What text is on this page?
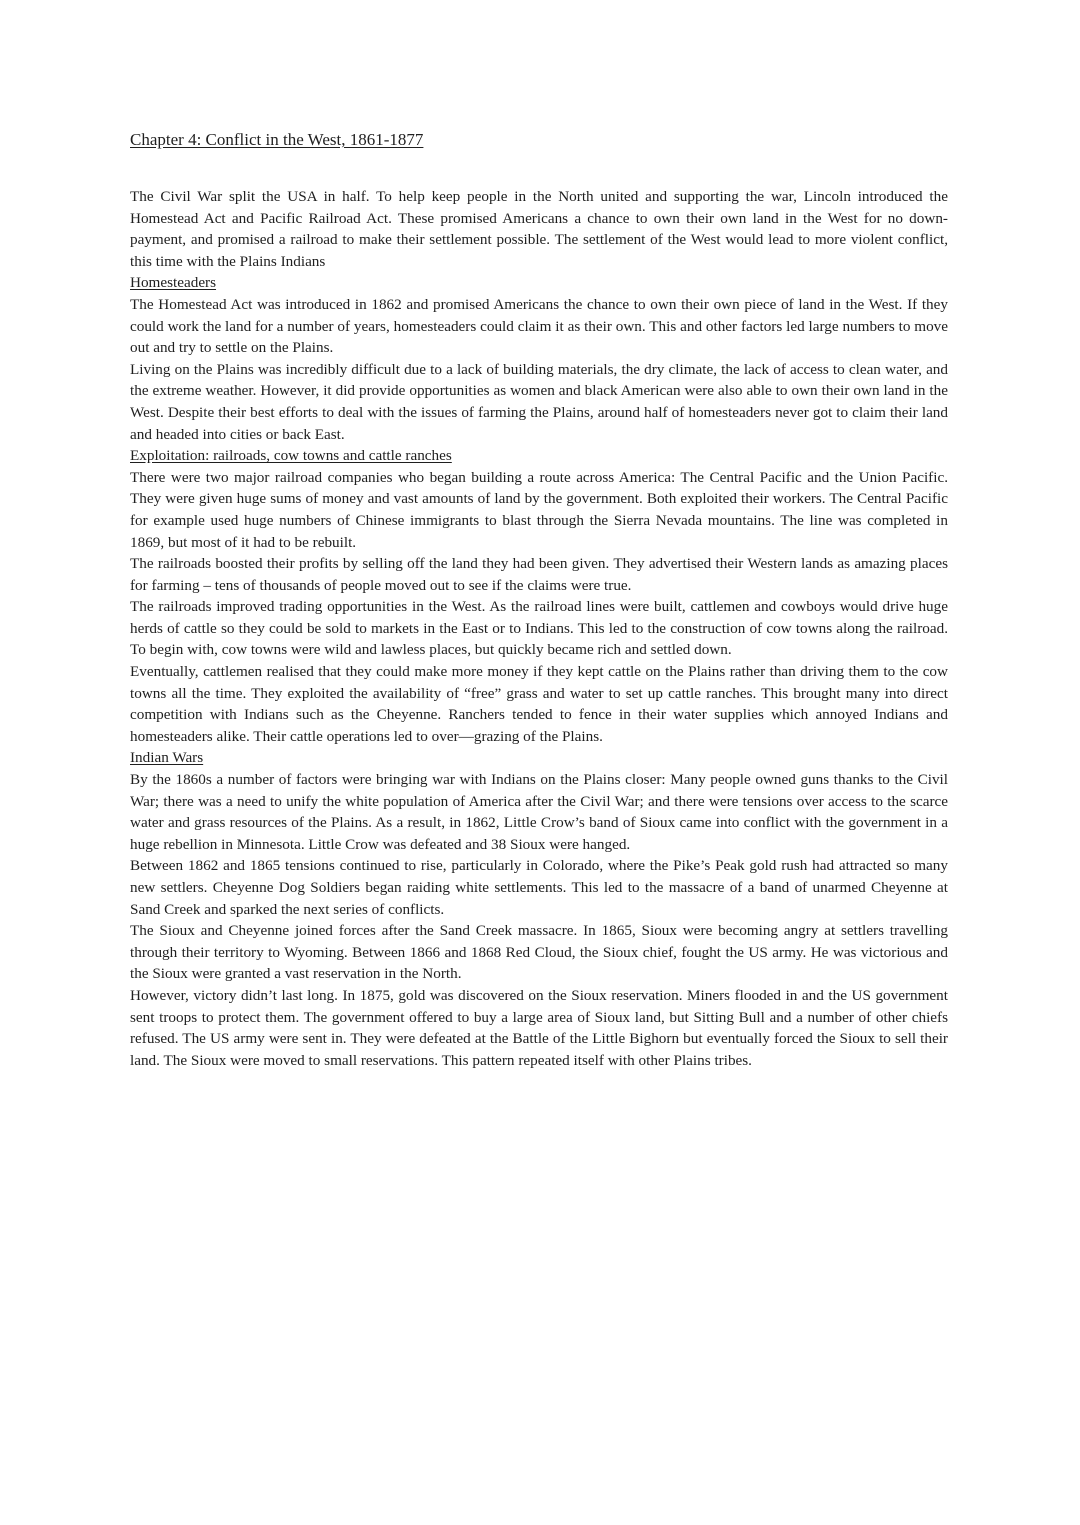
Chapter 4: Conflict in the West, 1861-1877

The Civil War split the USA in half. To help keep people in the North united and supporting the war, Lincoln introduced the Homestead Act and Pacific Railroad Act. These promised Americans a chance to own their own land in the West for no down-payment, and promised a railroad to make their settlement possible. The settlement of the West would lead to more violent conflict, this time with the Plains Indians

Homesteaders

The Homestead Act was introduced in 1862 and promised Americans the chance to own their own piece of land in the West. If they could work the land for a number of years, homesteaders could claim it as their own. This and other factors led large numbers to move out and try to settle on the Plains.

Living on the Plains was incredibly difficult due to a lack of building materials, the dry climate, the lack of access to clean water, and the extreme weather. However, it did provide opportunities as women and black American were also able to own their own land in the West. Despite their best efforts to deal with the issues of farming the Plains, around half of homesteaders never got to claim their land and headed into cities or back East.

Exploitation: railroads, cow towns and cattle ranches

There were two major railroad companies who began building a route across America: The Central Pacific and the Union Pacific. They were given huge sums of money and vast amounts of land by the government. Both exploited their workers. The Central Pacific for example used huge numbers of Chinese immigrants to blast through the Sierra Nevada mountains. The line was completed in 1869, but most of it had to be rebuilt.

The railroads boosted their profits by selling off the land they had been given. They advertised their Western lands as amazing places for farming – tens of thousands of people moved out to see if the claims were true.

The railroads improved trading opportunities in the West. As the railroad lines were built, cattlemen and cowboys would drive huge herds of cattle so they could be sold to markets in the East or to Indians. This led to the construction of cow towns along the railroad. To begin with, cow towns were wild and lawless places, but quickly became rich and settled down.

Eventually, cattlemen realised that they could make more money if they kept cattle on the Plains rather than driving them to the cow towns all the time. They exploited the availability of “free” grass and water to set up cattle ranches. This brought many into direct competition with Indians such as the Cheyenne. Ranchers tended to fence in their water supplies which annoyed Indians and homesteaders alike. Their cattle operations led to over—grazing of the Plains.

Indian Wars

By the 1860s a number of factors were bringing war with Indians on the Plains closer: Many people owned guns thanks to the Civil War; there was a need to unify the white population of America after the Civil War; and there were tensions over access to the scarce water and grass resources of the Plains. As a result, in 1862, Little Crow’s band of Sioux came into conflict with the government in a huge rebellion in Minnesota. Little Crow was defeated and 38 Sioux were hanged.

Between 1862 and 1865 tensions continued to rise, particularly in Colorado, where the Pike’s Peak gold rush had attracted so many new settlers. Cheyenne Dog Soldiers began raiding white settlements. This led to the massacre of a band of unarmed Cheyenne at Sand Creek and sparked the next series of conflicts.

The Sioux and Cheyenne joined forces after the Sand Creek massacre. In 1865, Sioux were becoming angry at settlers travelling through their territory to Wyoming. Between 1866 and 1868 Red Cloud, the Sioux chief, fought the US army. He was victorious and the Sioux were granted a vast reservation in the North.

However, victory didn’t last long. In 1875, gold was discovered on the Sioux reservation. Miners flooded in and the US government sent troops to protect them. The government offered to buy a large area of Sioux land, but Sitting Bull and a number of other chiefs refused. The US army were sent in. They were defeated at the Battle of the Little Bighorn but eventually forced the Sioux to sell their land. The Sioux were moved to small reservations. This pattern repeated itself with other Plains tribes.
